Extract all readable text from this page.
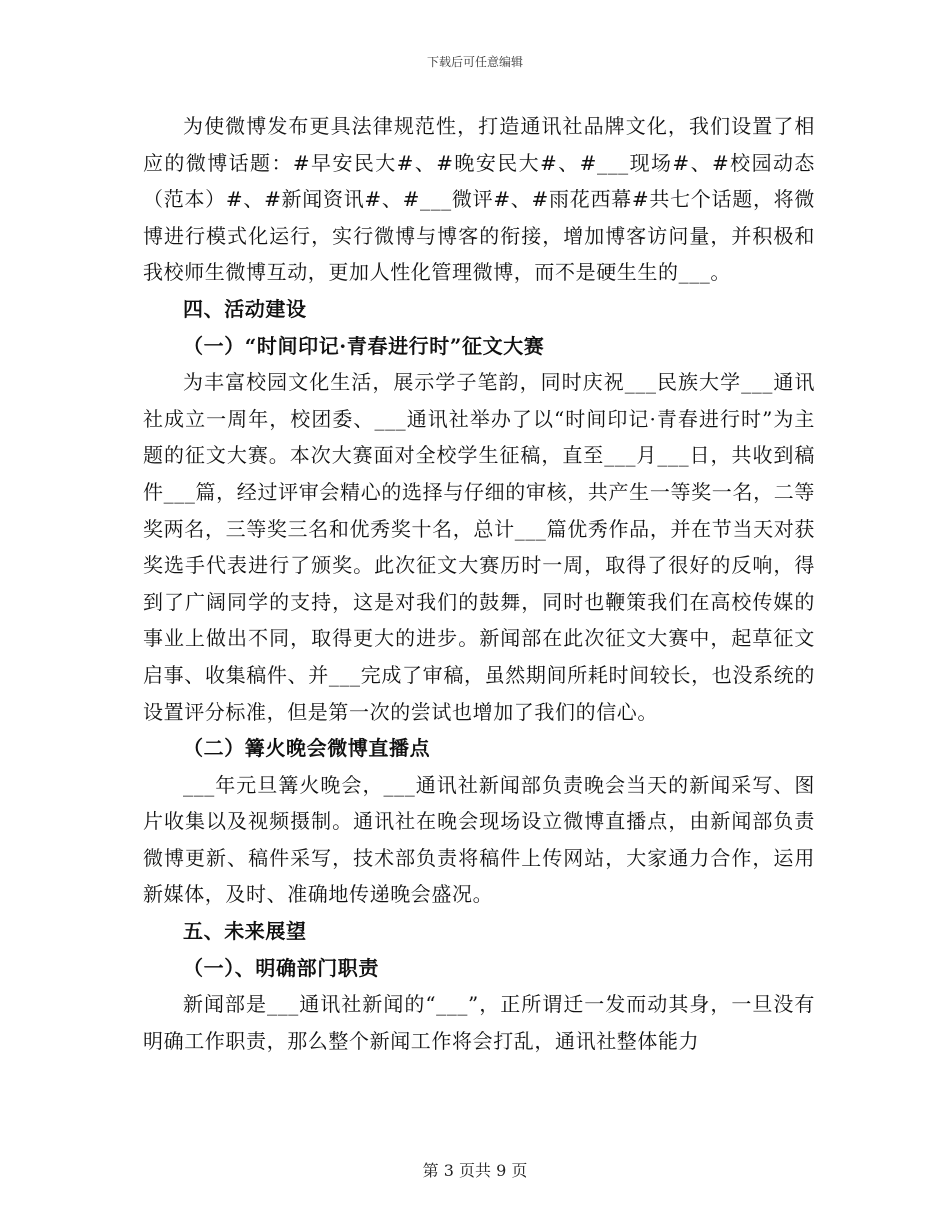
下载后可任意编辑

为使微博发布更具法律规范性，打造通讯社品牌文化，我们设置了相应的微博话题：#早安民大#、#晚安民大#、#___现场#、#校园动态（范本）#、#新闻资讯#、#___微评#、#雨花西幕#共七个话题，将微博进行模式化运行，实行微博与博客的衔接，增加博客访问量，并积极和我校师生微博互动，更加人性化管理微博，而不是硬生生的___。

四、活动建设

（一）“时间印记·青春进行时”征文大赛

为丰富校园文化生活，展示学子笔韵，同时庆祝___民族大学___通讯社成立一周年，校团委、___通讯社举办了以“时间印记·青春进行时”为主题的征文大赛。本次大赛面对全校学生征稿，直至___月___日，共收到稿件___篇，经过评审会精心的选择与仔细的审核，共产生一等奖一名，二等奖两名，三等奖三名和优秀奖十名，总计___篇优秀作品，并在节当天对获奖选手代表进行了颁奖。此次征文大赛历时一周，取得了很好的反响，得到了广阔同学的支持，这是对我们的鼓舞，同时也鞭策我们在高校传媒的事业上做出不同，取得更大的进步。新闻部在此次征文大赛中，起草征文启事、收集稿件、并___完成了审稿，虽然期间所耗时间较长，也没系统的设置评分标准，但是第一次的尝试也增加了我们的信心。

（二）篝火晚会微博直播点

___年元旦篝火晚会，___通讯社新闻部负责晚会当天的新闻采写、图片收集以及视频摄制。通讯社在晚会现场设立微博直播点，由新闻部负责微博更新、稿件采写，技术部负责将稿件上传网站，大家通力合作，运用新媒体，及时、准确地传递晚会盛况。

五、未来展望

（一）、明确部门职责

新闻部是___通讯社新闻的“___”，正所谓迁一发而动其身，一旦没有明确工作职责，那么整个新闻工作将会打乱，通讯社整体能力

第 3 页共 9 页
